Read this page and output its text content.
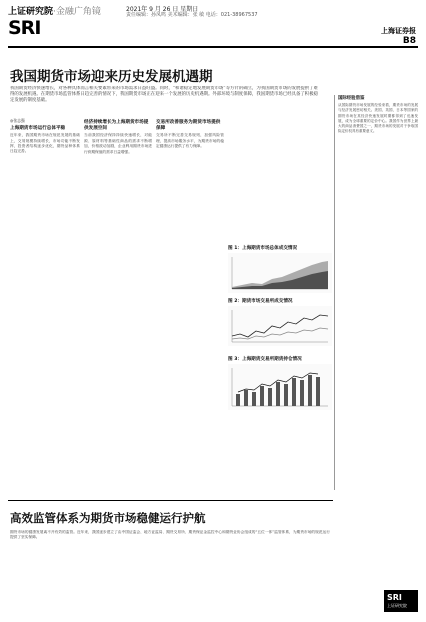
上证研究院·金融广角镜
SRI
2021年 9 月 26 日 星期日
责任编辑：孙凤鸣 美术编辑：张 敏 电话：021-38967537
上海证券报
B8
我国期货市场迎来历史发展机遇期

我国期货经济快速增长，对各种具体而言相关要素带来的市场需求日益旺盛。同时，“和谐稳定地发展期货市场”等方针的确立，为我国期货市场的发展提供了难得的发展机遇。在期货市场监管体系日趋完善的情况下，我国期货市场正在迎来一个发展的历史机遇期。外部环境与制度保障，我国期货市场已经具备了积极稳定发展的制度基础。

◎张志强
上海期货市场运行总体平稳

近年来，我国期货市场在规范发展的基础上，交易规模持续增长，市场功能不断发挥，投资者结构逐步优化，期货品种体系日趋完善。

经济持续增长为上海期货市场提供发展空间

当前我国经济保持持续快速增长，对能源、原材料等基础性商品的需求不断增加，价格波动加剧，企业利用期货市场进行套期保值的需求日益增强。

交易所改善服务为期货市场提供保障

交易所不断完善交易规则，加强风险管理，提高市场服务水平，为期货市场的稳定健康运行提供了有力保障。

图 1：上海期货市场总体成交情况
图 2：期货市场交易所成交情况
图 3：上海期货交易所期货持仓情况
国际经验借鉴

从国际期货市场发展的经验来看，期货市场的发展与经济发展密切相关。美国、英国、日本等国家的期货市场在其经济快速发展时期都得到了迅速发展，成为全球重要的定价中心。我国作为世界上最大的商品消费国之一，期货市场的发展对于争取国际定价权具有重要意义。

高效监管体系为期货市场稳健运行护航

期货市场的健康发展离不开有效的监管。近年来，我国逐步建立了由中国证监会、地方证监局、期货交易所、期货保证金监控中心和期货业协会组成的“五位一体”监管体系，为期货市场的规范运行提供了坚实保障。

SRI
上证研究院
